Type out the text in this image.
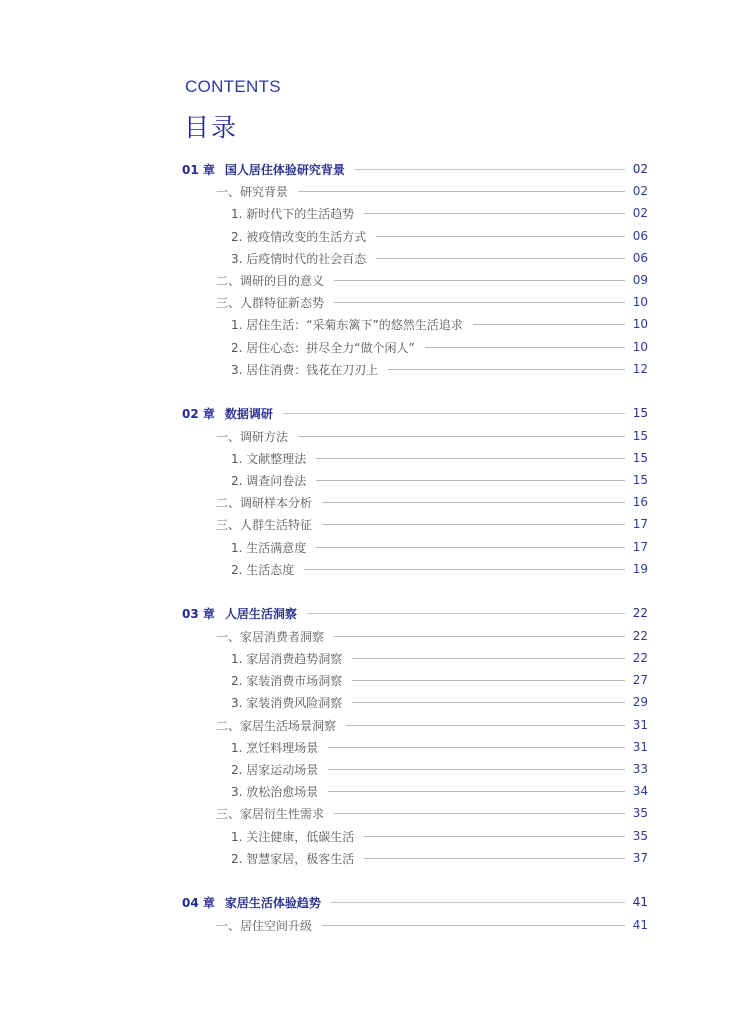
CONTENTS
目录
01 章 国人居住体验研究背景	02
一、研究背景	02
1. 新时代下的生活趋势	02
2. 被疫情改变的生活方式	06
3. 后疫情时代的社会百态	06
二、调研的目的意义	09
三、人群特征新态势	10
1. 居住生活：“采菊东篱下”的悠然生活追求	10
2. 居住心态：拼尽全力“做个闲人”	10
3. 居住消费：钱花在刀刃上	12
02 章 数据调研	15
一、调研方法	15
1. 文献整理法	15
2. 调查问卷法	15
二、调研样本分析	16
三、人群生活特征	17
1. 生活满意度	17
2. 生活态度	19
03 章 人居生活洞察	22
一、家居消费者洞察	22
1. 家居消费趋势洞察	22
2. 家装消费市场洞察	27
3. 家装消费风险洞察	29
二、家居生活场景洞察	31
1. 烹饪料理场景	31
2. 居家运动场景	33
3. 放松治愈场景	34
三、家居衍生性需求	35
1. 关注健康，低碳生活	35
2. 智慧家居，极客生活	37
04 章 家居生活体验趋势	41
一、居住空间升级	41
